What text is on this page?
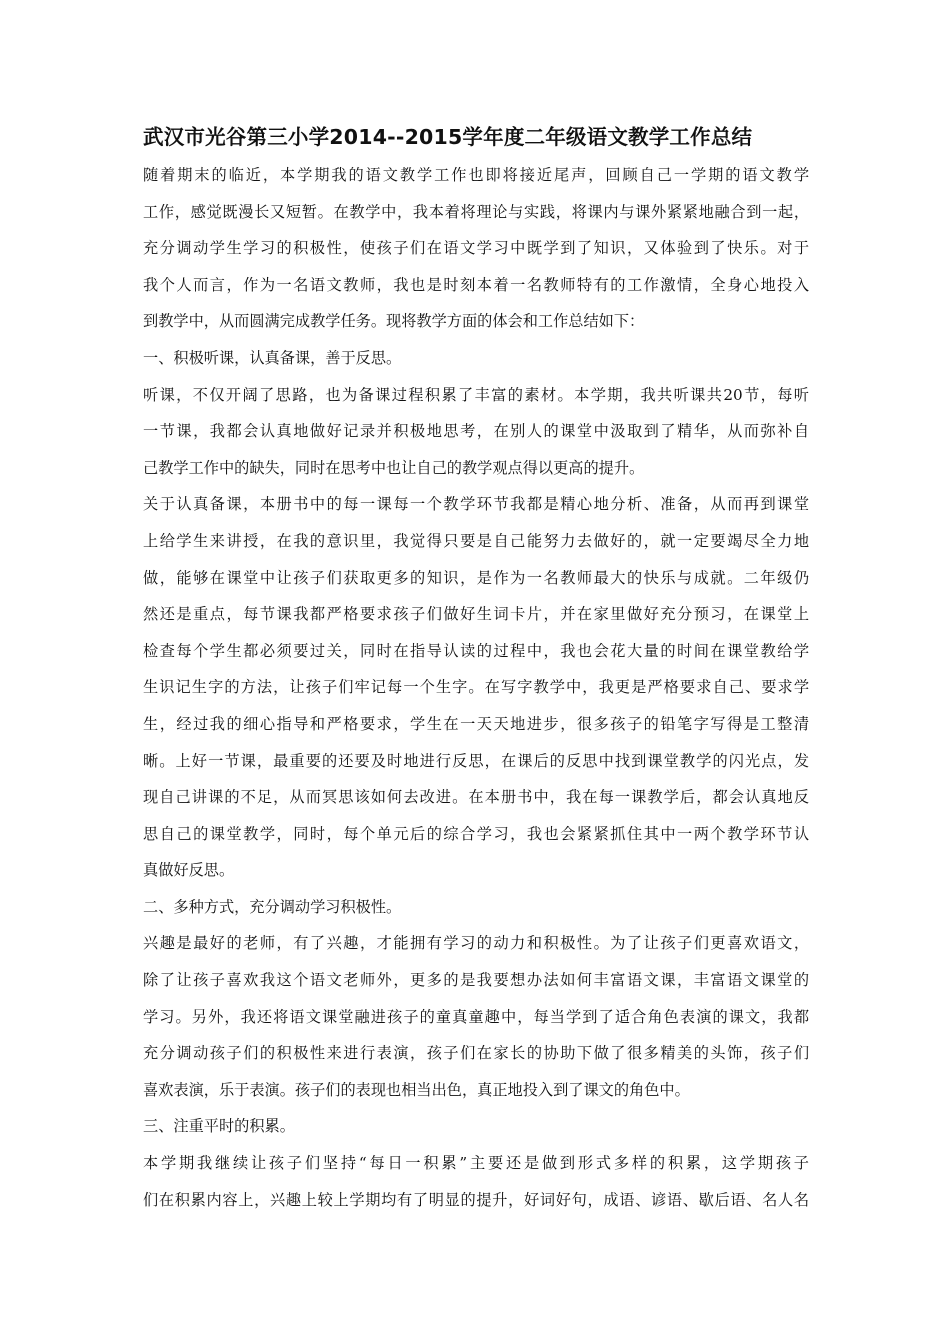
武汉市光谷第三小学2014--2015学年度二年级语文教学工作总结
随着期末的临近，本学期我的语文教学工作也即将接近尾声，回顾自己一学期的语文教学
工作，感觉既漫长又短暂。在教学中，我本着将理论与实践，将课内与课外紧紧地融合到一起，
充分调动学生学习的积极性，使孩子们在语文学习中既学到了知识，又体验到了快乐。对于
我个人而言，作为一名语文教师，我也是时刻本着一名教师特有的工作激情，全身心地投入
到教学中，从而圆满完成教学任务。现将教学方面的体会和工作总结如下：
一、积极听课，认真备课，善于反思。
听课，不仅开阔了思路，也为备课过程积累了丰富的素材。本学期，我共听课共20节，每听
一节课，我都会认真地做好记录并积极地思考，在别人的课堂中汲取到了精华，从而弥补自
己教学工作中的缺失，同时在思考中也让自己的教学观点得以更高的提升。
关于认真备课，本册书中的每一课每一个教学环节我都是精心地分析、准备，从而再到课堂
上给学生来讲授，在我的意识里，我觉得只要是自己能努力去做好的，就一定要竭尽全力地
做，能够在课堂中让孩子们获取更多的知识，是作为一名教师最大的快乐与成就。二年级仍
然还是重点，每节课我都严格要求孩子们做好生词卡片，并在家里做好充分预习，在课堂上
检查每个学生都必须要过关，同时在指导认读的过程中，我也会花大量的时间在课堂教给学
生识记生字的方法，让孩子们牢记每一个生字。在写字教学中，我更是严格要求自己、要求学
生，经过我的细心指导和严格要求，学生在一天天地进步，很多孩子的铅笔字写得是工整清
晰。上好一节课，最重要的还要及时地进行反思，在课后的反思中找到课堂教学的闪光点，发
现自己讲课的不足，从而冥思该如何去改进。在本册书中，我在每一课教学后，都会认真地反
思自己的课堂教学，同时，每个单元后的综合学习，我也会紧紧抓住其中一两个教学环节认
真做好反思。
二、多种方式，充分调动学习积极性。
兴趣是最好的老师，有了兴趣，才能拥有学习的动力和积极性。为了让孩子们更喜欢语文，
除了让孩子喜欢我这个语文老师外，更多的是我要想办法如何丰富语文课，丰富语文课堂的
学习。另外，我还将语文课堂融进孩子的童真童趣中，每当学到了适合角色表演的课文，我都
充分调动孩子们的积极性来进行表演，孩子们在家长的协助下做了很多精美的头饰，孩子们
喜欢表演，乐于表演。孩子们的表现也相当出色，真正地投入到了课文的角色中。
三、注重平时的积累。
本学期我继续让孩子们坚持“每日一积累”主要还是做到形式多样的积累，这学期孩子
们在积累内容上，兴趣上较上学期均有了明显的提升，好词好句，成语、谚语、歇后语、名人名
